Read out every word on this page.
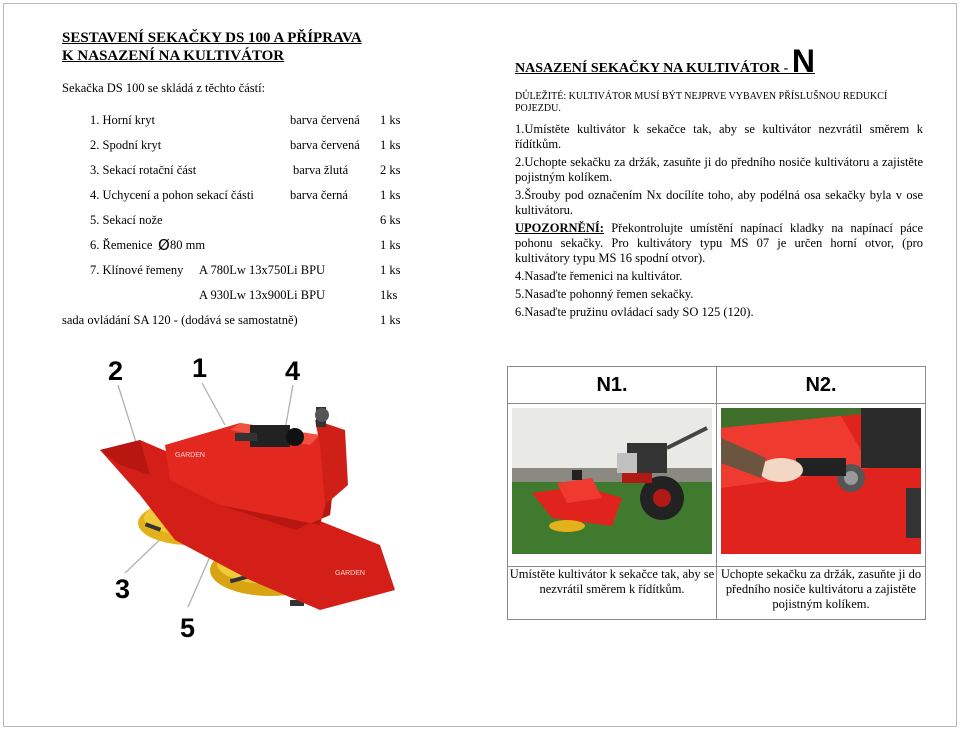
SESTAVENÍ SEKAČKY DS 100 A PŘÍPRAVA
K NASAZENÍ NA KULTIVÁTOR
Sekačka DS 100 se skládá z těchto částí:
1. Horní kryt	barva červená 1 ks
2. Spodní kryt	barva červená 1 ks
3. Sekací rotační část	barva žlutá	2 ks
4. Uchycení a pohon sekací části	barva černá	1 ks
5. Sekací nože	6 ks
6. Řemenice Ø 80 mm	1 ks
7. Klínové řemeny A 780Lw 13x750Li BPU	1 ks
A 930Lw 13x900Li BPU	1ks
sada ovládání SA 120 - (dodává se samostatně)	1 ks
GARDEN
GARDEN
2	1	4
3
5
NASAZENÍ SEKAČKY NA KULTIVÁTOR - N
DŮLEŽITÉ: KULTIVÁTOR MUSÍ BÝT NEJPRVE VYBAVEN PŘÍSLUŠNOU REDUKCÍ POJEZDU.

1.Umístěte kultivátor k sekačce tak, aby se kultivátor nezvrátil směrem k řídítkům.

2.Uchopte sekačku za držák, zasuňte ji do předního nosiče kultivátoru a zajistěte pojistným kolíkem.

3.Šrouby pod označením Nx docílíte toho, aby podélná osa sekačky byla v ose kultivátoru.

UPOZORNĚNÍ: Překontrolujte umístění napínací kladky na napínací páce pohonu sekačky. Pro kultivátory typu MS 07 je určen horní otvor, (pro kultivátory typu MS 16 spodní otvor).

4.Nasaďte řemenici na kultivátor.

5.Nasaďte pohonný řemen sekačky.

6.Nasaďte pružinu ovládací sady SO 125 (120).

N1.	N2.

Umístěte kultivátor k sekačce tak, aby se nezvrátil směrem k řídítkům.	Uchopte sekačku za držák, zasuňte ji do předního nosiče kultivátoru a zajistěte pojistným kolíkem.
